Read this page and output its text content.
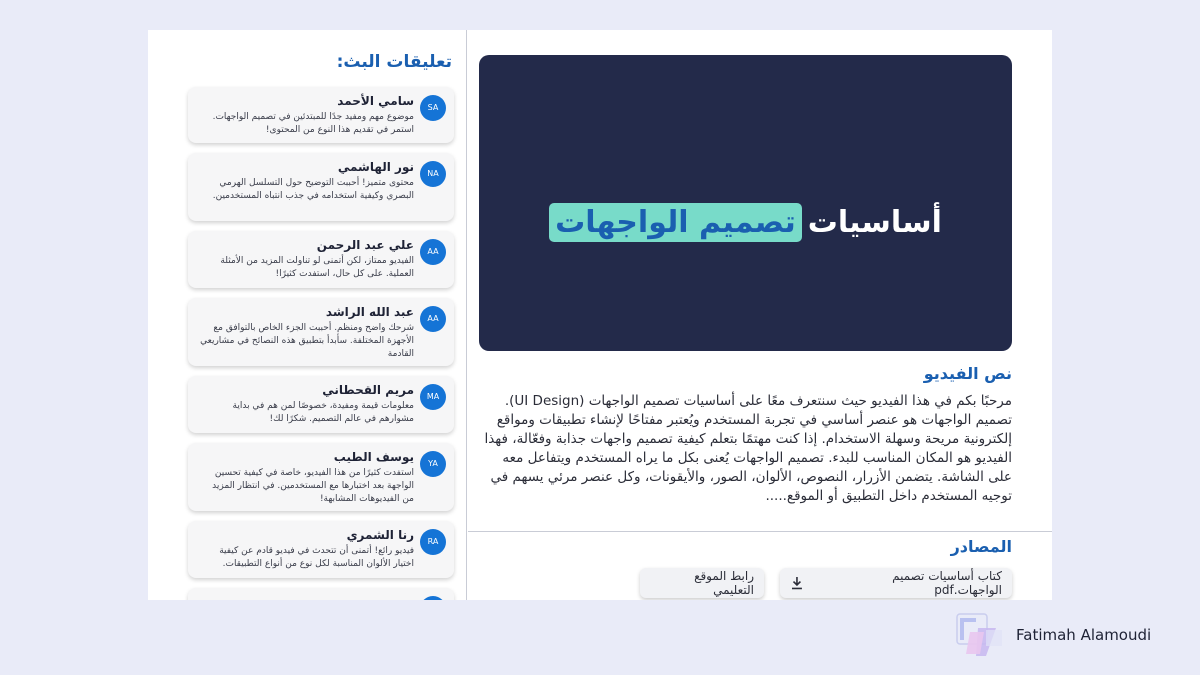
تعليقات البث:
SA
سامي الأحمد
موضوع مهم ومفيد جدًا للمبتدئين في تصميم الواجهات. استمر في تقديم هذا النوع من المحتوى!
NA
نور الهاشمي
محتوى متميز! أحببت التوضيح حول التسلسل الهرمي البصري وكيفية استخدامه في جذب انتباه المستخدمين.
AA
علي عبد الرحمن
الفيديو ممتاز، لكن أتمنى لو تناولت المزيد من الأمثلة العملية. على كل حال، استفدت كثيرًا!
AA
عبد الله الراشد
شرحك واضح ومنظم. أحببت الجزء الخاص بالتوافق مع الأجهزة المختلفة. سأبدأ بتطبيق هذه النصائح في مشاريعي القادمة
MA
مريم القحطاني
معلومات قيمة ومفيدة، خصوصًا لمن هم في بداية مشوارهم في عالم التصميم. شكرًا لك!
YA
يوسف الطيب
استفدت كثيرًا من هذا الفيديو، خاصة في كيفية تحسين الواجهة بعد اختبارها مع المستخدمين. في انتظار المزيد من الفيديوهات المشابهة!
RA
رنا الشمري
فيديو رائع! أتمنى أن تتحدث في فيديو قادم عن كيفية اختيار الألوان المناسبة لكل نوع من أنواع التطبيقات.
أساسيات
تصميم الواجهات
نص الفيديو
مرحبًا بكم في هذا الفيديو حيث سنتعرف معًا على أساسيات تصميم الواجهات (UI Design). تصميم الواجهات هو عنصر أساسي في تجربة المستخدم ويُعتبر مفتاحًا لإنشاء تطبيقات ومواقع إلكترونية مريحة وسهلة الاستخدام. إذا كنت مهتمًا بتعلم كيفية تصميم واجهات جذابة وفعّالة، فهذا الفيديو هو المكان المناسب للبدء. تصميم الواجهات يُعنى بكل ما يراه المستخدم ويتفاعل معه على الشاشة. يتضمن الأزرار، النصوص، الألوان، الصور، والأيقونات، وكل عنصر مرئي يسهم في توجيه المستخدم داخل التطبيق أو الموقع.....
المصادر
كتاب أساسيات تصميم الواجهات.pdf
رابط الموقع التعليمي
Fatimah Alamoudi
